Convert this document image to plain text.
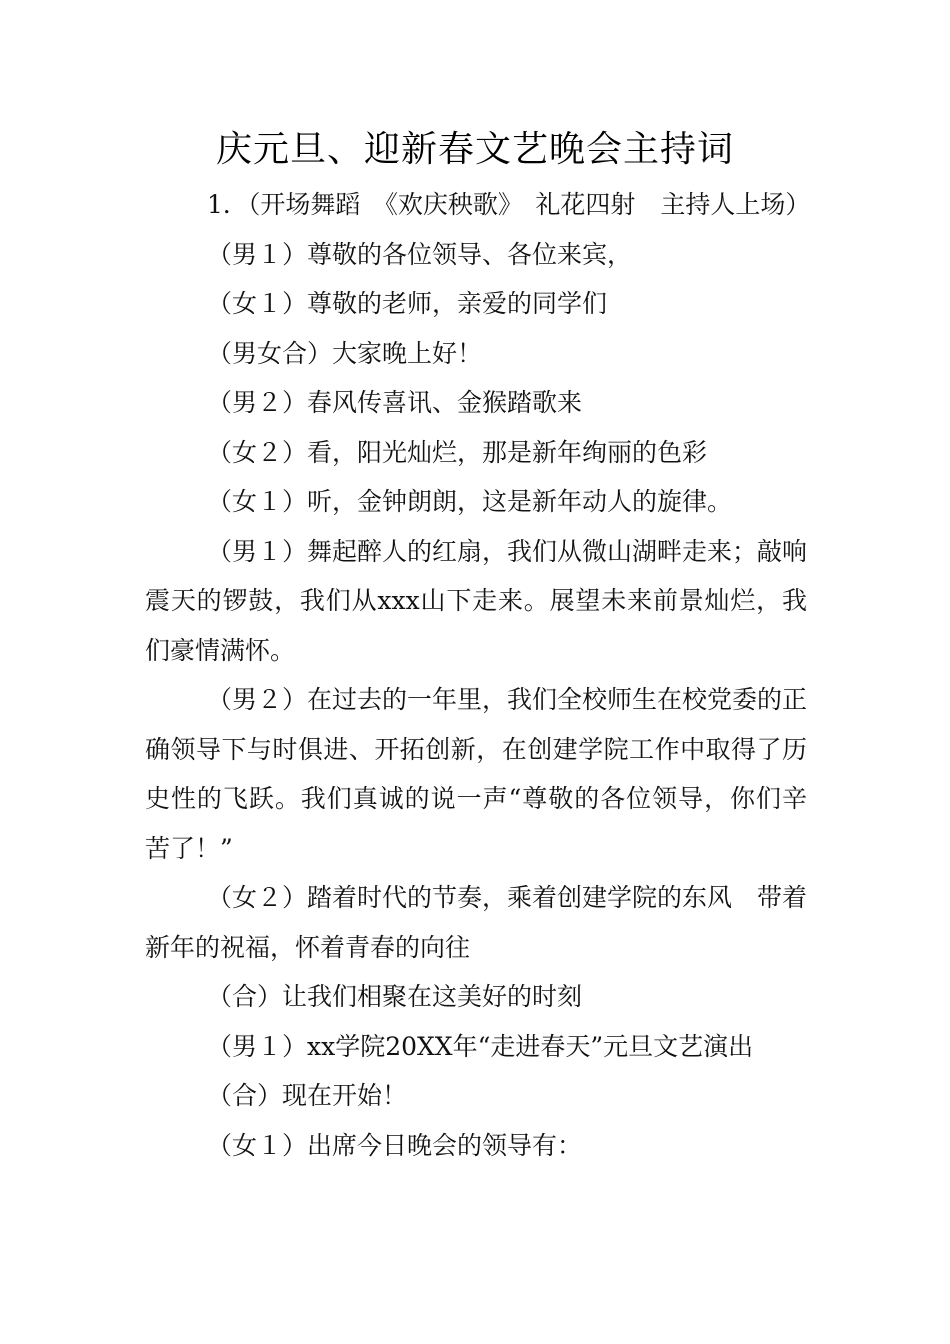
庆元旦、迎新春文艺晚会主持词

1．（开场舞蹈　《欢庆秧歌》　礼花四射　主持人上场）

（男１）尊敬的各位领导、各位来宾，

（女１）尊敬的老师，亲爱的同学们

（男女合）大家晚上好！

（男２）春风传喜讯、金猴踏歌来

（女２）看，阳光灿烂，那是新年绚丽的色彩

（女１）听，金钟朗朗，这是新年动人的旋律。

（男１）舞起醉人的红扇，我们从微山湖畔走来；敲响震天的锣鼓，我们从xxx山下走来。展望未来前景灿烂，我们豪情满怀。

（男２）在过去的一年里，我们全校师生在校党委的正确领导下与时俱进、开拓创新，在创建学院工作中取得了历史性的飞跃。我们真诚的说一声“尊敬的各位领导，你们辛苦了！”

（女２）踏着时代的节奏，乘着创建学院的东风　带着新年的祝福，怀着青春的向往

（合）让我们相聚在这美好的时刻

（男１）xx学院20XX年“走进春天”元旦文艺演出

（合）现在开始！

（女１）出席今日晚会的领导有：
